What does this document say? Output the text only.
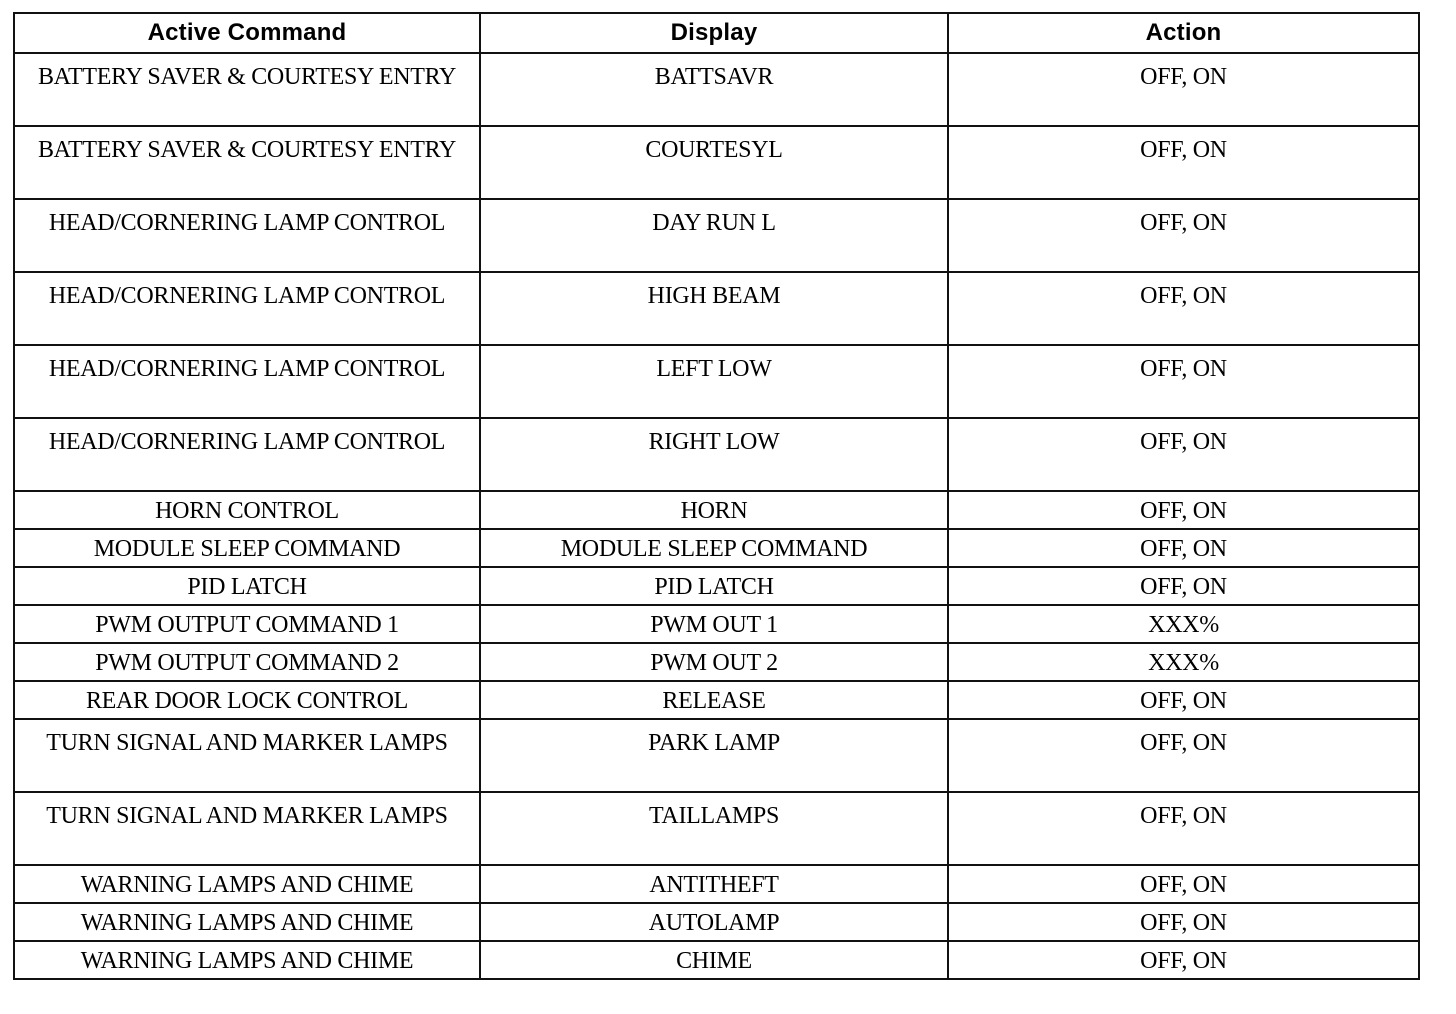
Active Command	Display	Action

BATTERY SAVER & COURTESY ENTRY	BATTSAVR	OFF, ON

BATTERY SAVER & COURTESY ENTRY	COURTESYL	OFF, ON

HEAD/CORNERING LAMP CONTROL	DAY RUN L	OFF, ON

HEAD/CORNERING LAMP CONTROL	HIGH BEAM	OFF, ON

HEAD/CORNERING LAMP CONTROL	LEFT LOW	OFF, ON

HEAD/CORNERING LAMP CONTROL	RIGHT LOW	OFF, ON

HORN CONTROL	HORN	OFF, ON

MODULE SLEEP COMMAND	MODULE SLEEP COMMAND	OFF, ON

PID LATCH	PID LATCH	OFF, ON

PWM OUTPUT COMMAND 1	PWM OUT 1	XXX%

PWM OUTPUT COMMAND 2	PWM OUT 2	XXX%

REAR DOOR LOCK CONTROL	RELEASE	OFF, ON

TURN SIGNAL AND MARKER LAMPS	PARK LAMP	OFF, ON

TURN SIGNAL AND MARKER LAMPS	TAILLAMPS	OFF, ON

WARNING LAMPS AND CHIME	ANTITHEFT	OFF, ON

WARNING LAMPS AND CHIME	AUTOLAMP	OFF, ON

WARNING LAMPS AND CHIME	CHIME	OFF, ON
